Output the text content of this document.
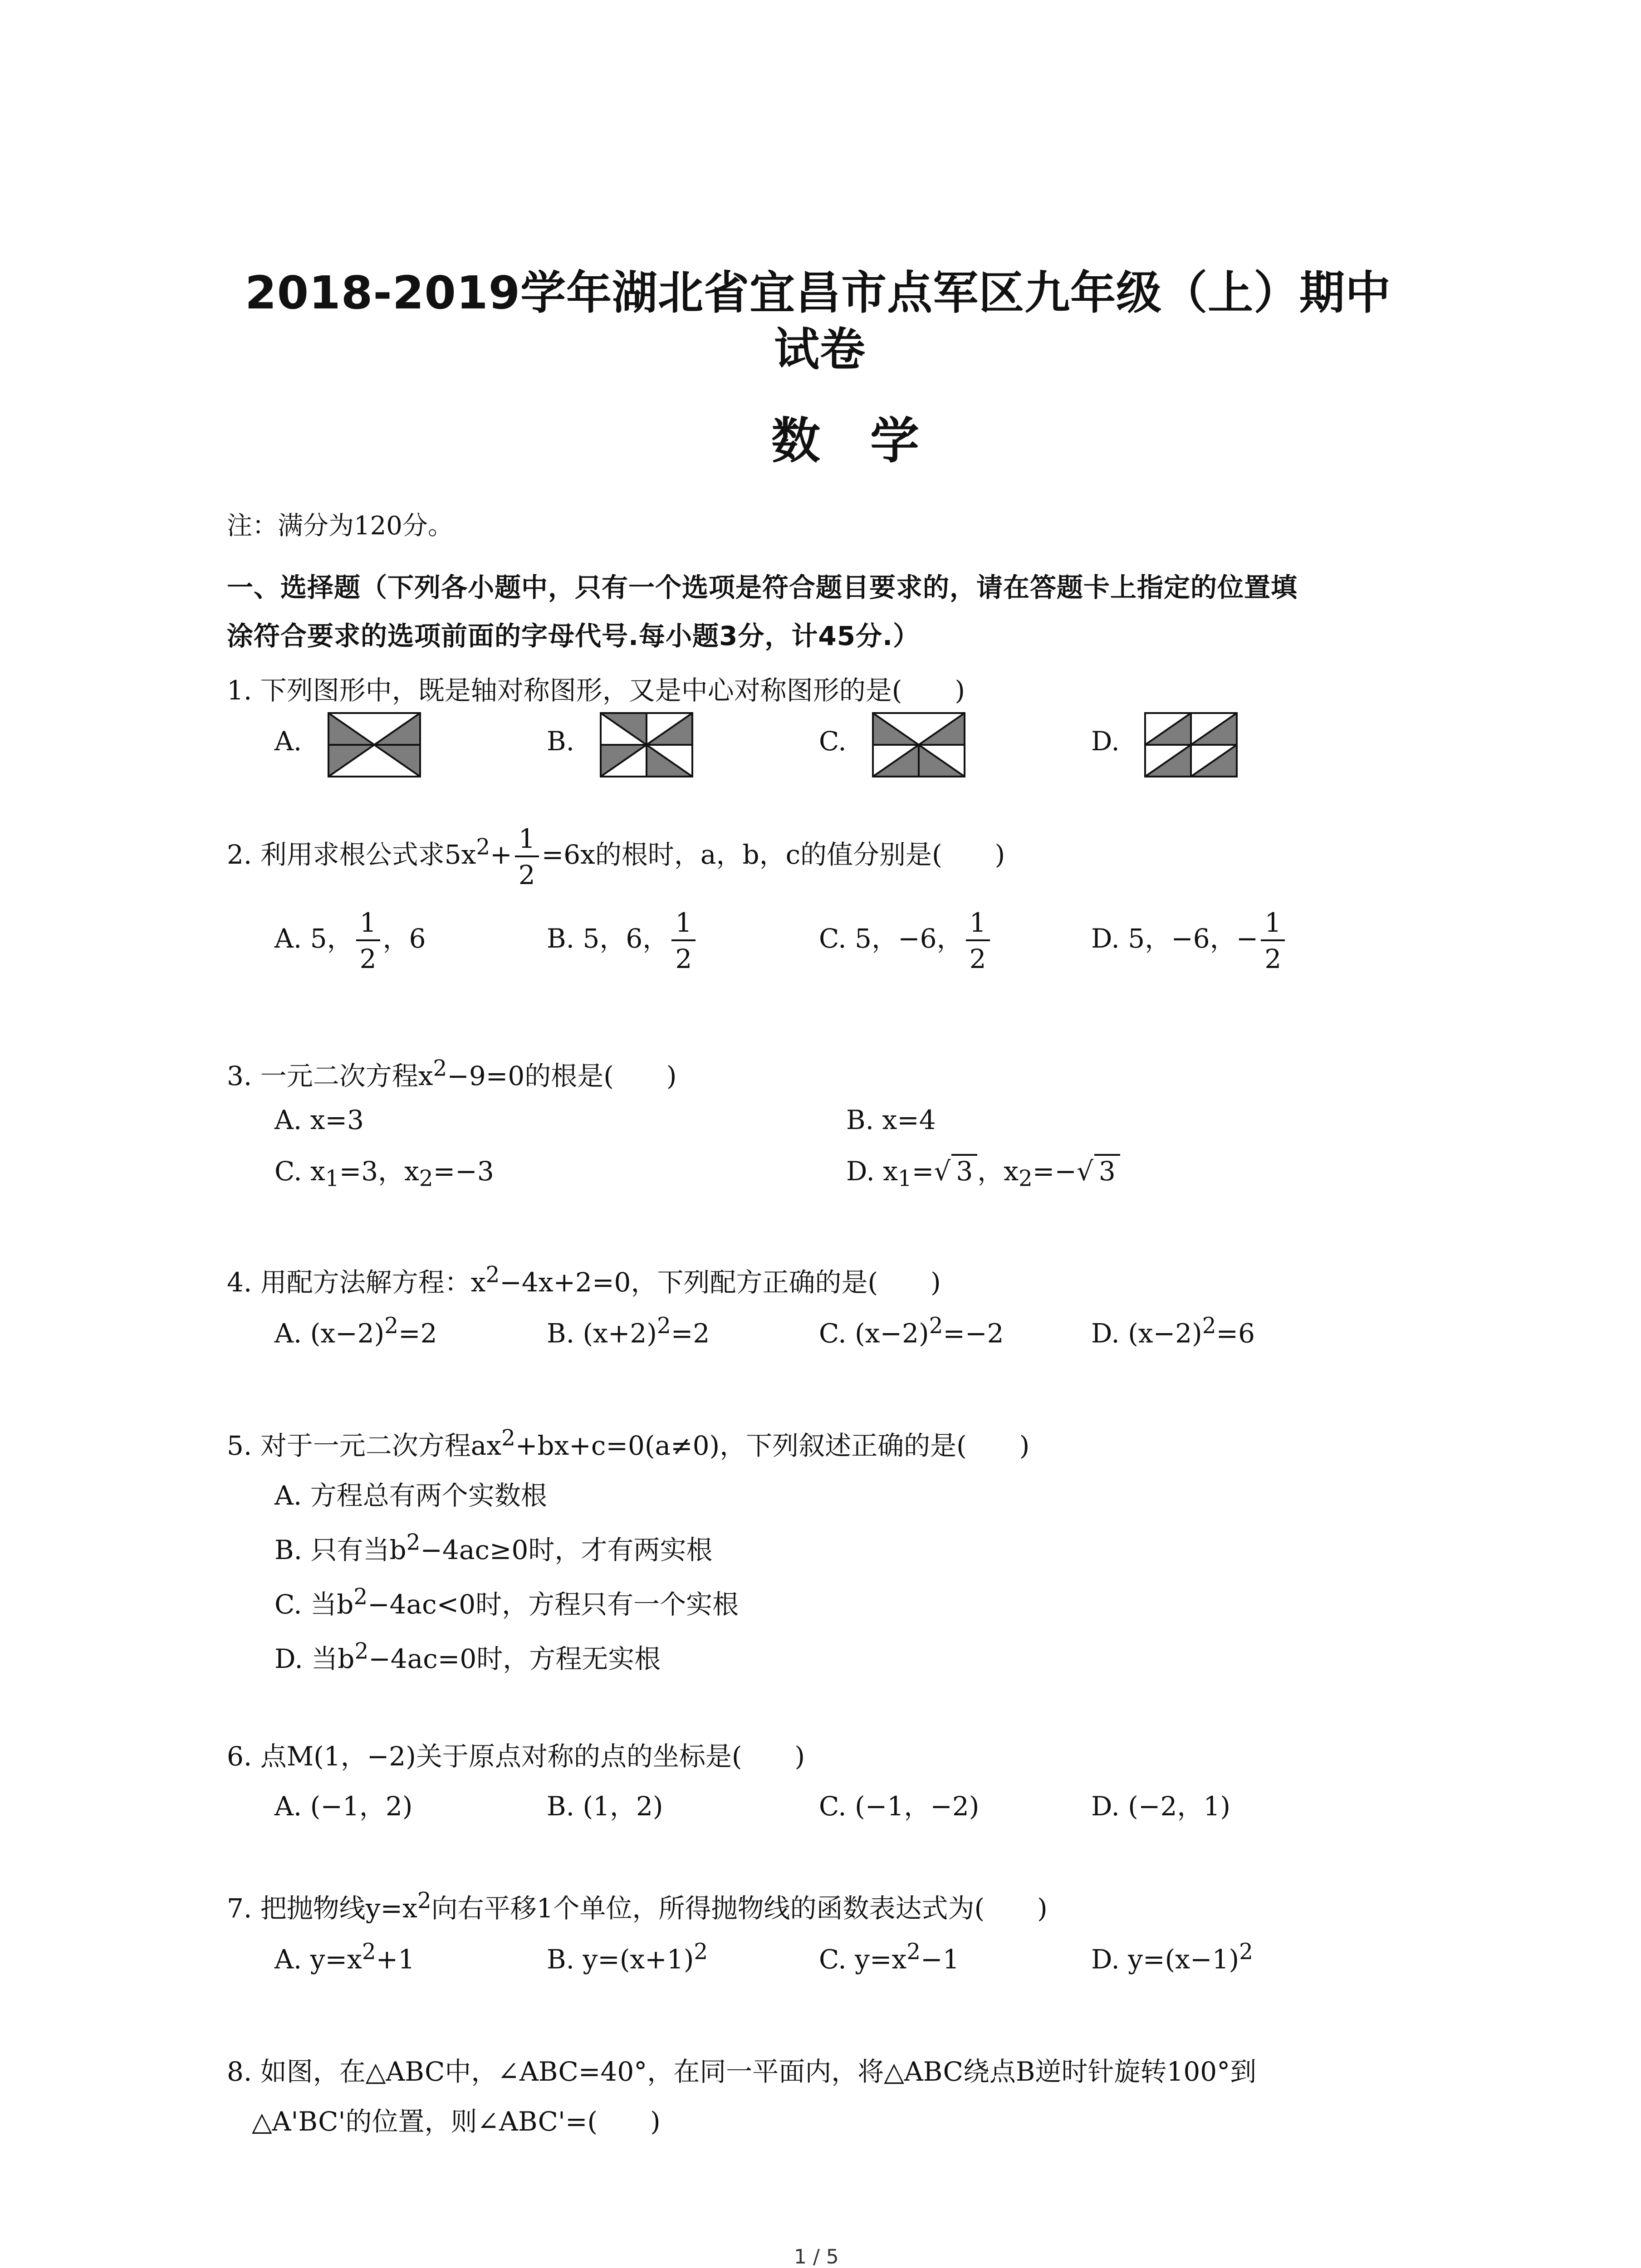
2018-2019学年湖北省宜昌市点军区九年级（上）期中
试卷
数学
注：满分为120分。
一、选择题（下列各小题中，只有一个选项是符合题目要求的，请在答题卡上指定的位置填
涂符合要求的选项前面的字母代号.每小题3分，计45分.）
1. 下列图形中，既是轴对称图形，又是中心对称图形的是(　　)
A.	B.	C.	D.
2. 利用求根公式求$5x^2+ \frac{1}{2} =6x$的根时，a，b，c的值分别是(　　)
A. 5， $\frac{1}{2}$ ，6	B. 5，6， $\frac{1}{2}$	C. 5，−6， $\frac{1}{2}$	D. 5，−6，− $\frac{1}{2}$
3. 一元二次方程$x^2-9=0$的根是(　　)
A. x=3	B. x=4
C. $x_1=3$，$x_2=-3$	D. $x_1=√$ 3 ，$x_2=-√$ 3
4. 用配方法解方程：$x^2-4x+2=0$，下列配方正确的是(　　)
A. $(x-2)^2=2$	B. $(x+2)^2=2$	C. $(x-2)^2=-2$	D. $(x-2)^2=6$
5. 对于一元二次方程$ax^2+bx+c=0(a\ne 0)$，下列叙述正确的是(　　)
A. 方程总有两个实数根
B. 只有当$b^2-4ac\ge 0$时，才有两实根
C. 当$b^2-4ac<0$时，方程只有一个实根
D. 当$b^2-4ac=0$时，方程无实根
6. 点M(1，−2)关于原点对称的点的坐标是(　　)
A. (−1，2)	B. (1，2)	C. (−1，−2)	D. (−2，1)
7. 把抛物线$y=x^2$向右平移1个单位，所得抛物线的函数表达式为(　　)
A. $y=x^2+1$	B. $y=(x+1)^2$	C. $y=x^2-1$	D. $y=(x-1)^2$
8. 如图，在△ABC中，∠ABC=40°，在同一平面内，将△ABC绕点B逆时针旋转100°到
△A'BC'的位置，则∠ABC'=(　　)
1 / 5
